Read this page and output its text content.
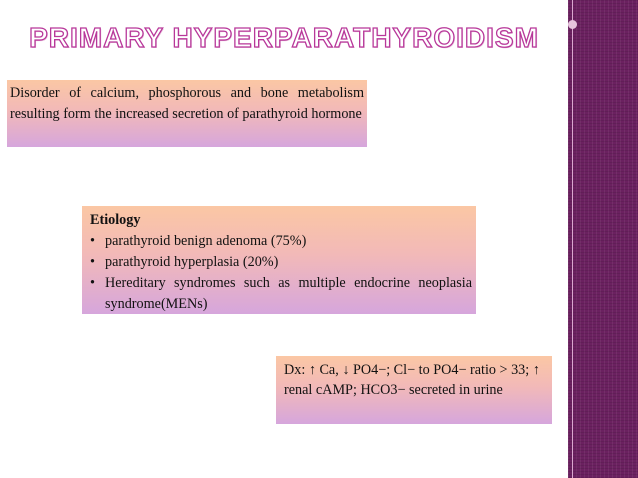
PRIMARY HYPERPARATHYROIDISM
Disorder of calcium, phosphorous and bone metabolism resulting form the increased secretion of parathyroid hormone
Etiology
• parathyroid benign adenoma (75%)
• parathyroid hyperplasia (20%)
• Hereditary syndromes such as multiple endocrine neoplasia syndrome(MENs)
Dx: ↑ Ca, ↓ PO4−; Cl− to PO4− ratio > 33; ↑ renal cAMP; HCO3− secreted in urine
